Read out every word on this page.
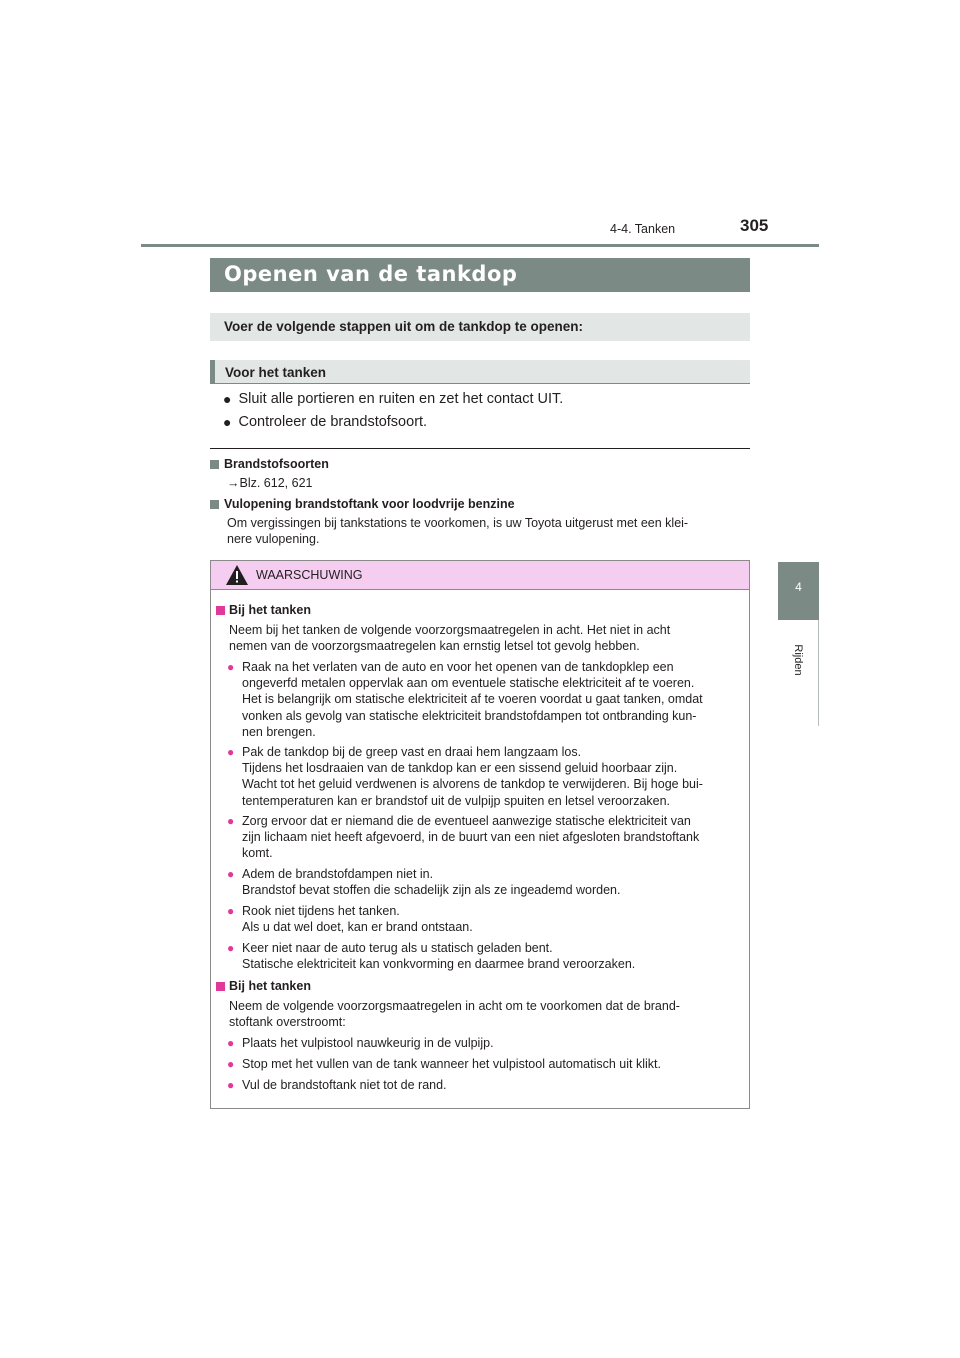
4-4. Tanken	305
4
Rijden
Openen van de tankdop
Voer de volgende stappen uit om de tankdop te openen:
Voor het tanken
● Sluit alle portieren en ruiten en zet het contact UIT.
● Controleer de brandstofsoort.
Brandstofsoorten
→Blz. 612, 621
Vulopening brandstoftank voor loodvrije benzine
Om vergissingen bij tankstations te voorkomen, is uw Toyota uitgerust met een klei-
nere vulopening.
WAARSCHUWING
Bij het tanken
Neem bij het tanken de volgende voorzorgsmaatregelen in acht. Het niet in acht
nemen van de voorzorgsmaatregelen kan ernstig letsel tot gevolg hebben.
● Raak na het verlaten van de auto en voor het openen van de tankdopklep een
ongeverfd metalen oppervlak aan om eventuele statische elektriciteit af te voeren.
Het is belangrijk om statische elektriciteit af te voeren voordat u gaat tanken, omdat
vonken als gevolg van statische elektriciteit brandstofdampen tot ontbranding kun-
nen brengen.
● Pak de tankdop bij de greep vast en draai hem langzaam los.
Tijdens het losdraaien van de tankdop kan er een sissend geluid hoorbaar zijn.
Wacht tot het geluid verdwenen is alvorens de tankdop te verwijderen. Bij hoge bui-
tentemperaturen kan er brandstof uit de vulpijp spuiten en letsel veroorzaken.
● Zorg ervoor dat er niemand die de eventueel aanwezige statische elektriciteit van
zijn lichaam niet heeft afgevoerd, in de buurt van een niet afgesloten brandstoftank
komt.
● Adem de brandstofdampen niet in.
Brandstof bevat stoffen die schadelijk zijn als ze ingeademd worden.
● Rook niet tijdens het tanken.
Als u dat wel doet, kan er brand ontstaan.
● Keer niet naar de auto terug als u statisch geladen bent.
Statische elektriciteit kan vonkvorming en daarmee brand veroorzaken.
Bij het tanken
Neem de volgende voorzorgsmaatregelen in acht om te voorkomen dat de brand-
stoftank overstroomt:
● Plaats het vulpistool nauwkeurig in de vulpijp.
● Stop met het vullen van de tank wanneer het vulpistool automatisch uit klikt.
● Vul de brandstoftank niet tot de rand.
